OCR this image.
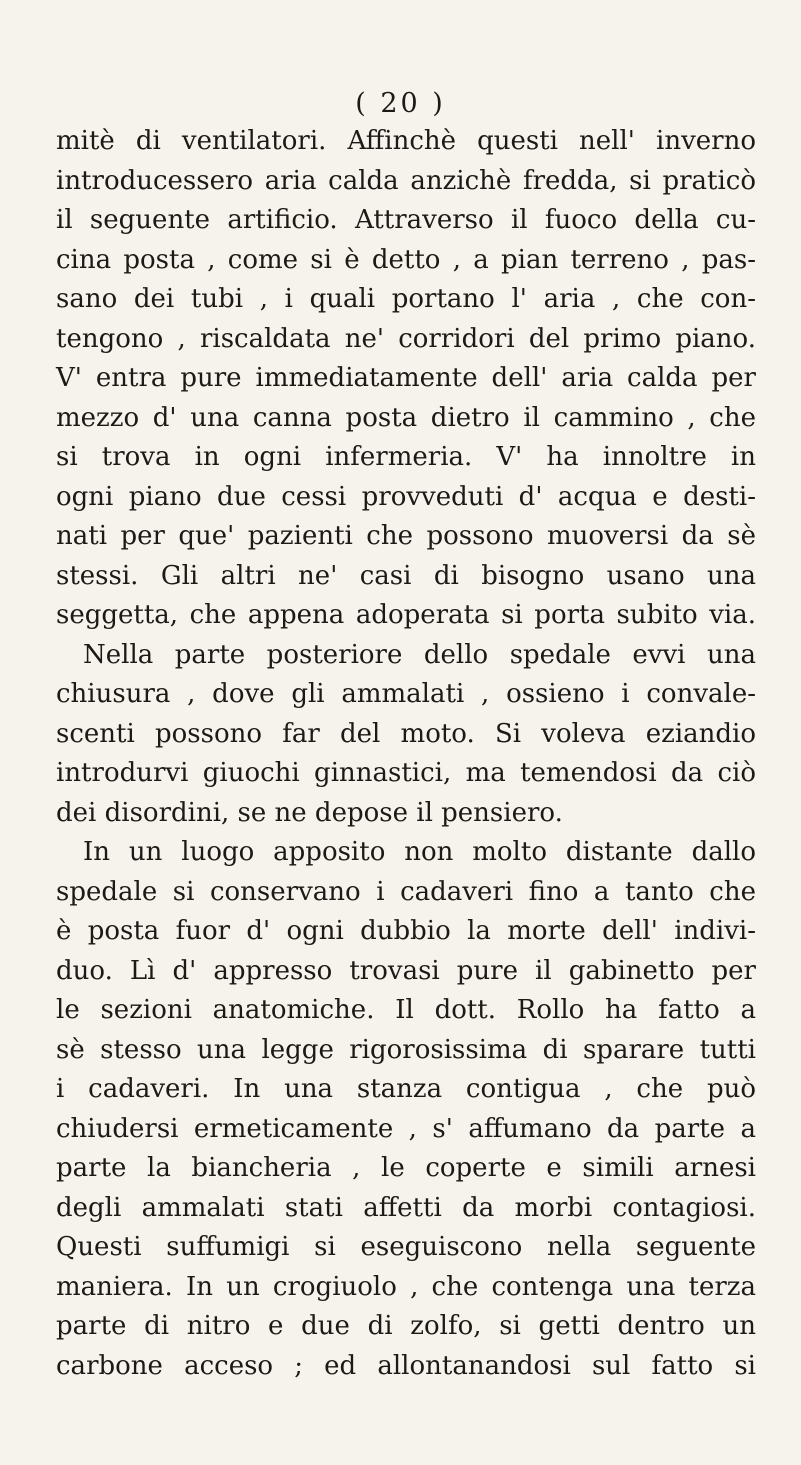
( 20 )
mitè di ventilatori. Affinchè questi nell' inverno
introducessero aria calda anzichè fredda, si praticò
il seguente artificio. Attraverso il fuoco della cu-
cina posta , come si è detto , a pian terreno , pas-
sano dei tubi , i quali portano l' aria , che con-
tengono , riscaldata ne' corridori del primo piano.
V' entra pure immediatamente dell' aria calda per
mezzo d' una canna posta dietro il cammino , che
si trova in ogni infermeria. V' ha innoltre in
ogni piano due cessi provveduti d' acqua e desti-
nati per que' pazienti che possono muoversi da sè
stessi. Gli altri ne' casi di bisogno usano una
seggetta, che appena adoperata si porta subito via.
Nella parte posteriore dello spedale evvi una
chiusura , dove gli ammalati , ossieno i convale-
scenti possono far del moto. Si voleva eziandio
introdurvi giuochi ginnastici, ma temendosi da ciò
dei disordini, se ne depose il pensiero.
In un luogo apposito non molto distante dallo
spedale si conservano i cadaveri fino a tanto che
è posta fuor d' ogni dubbio la morte dell' indivi-
duo. Lì d' appresso trovasi pure il gabinetto per
le sezioni anatomiche. Il dott. Rollo ha fatto a
sè stesso una legge rigorosissima di sparare tutti
i cadaveri. In una stanza contigua , che può
chiudersi ermeticamente , s' affumano da parte a
parte la biancheria , le coperte e simili arnesi
degli ammalati stati affetti da morbi contagiosi.
Questi suffumigi si eseguiscono nella seguente
maniera. In un crogiuolo , che contenga una terza
parte di nitro e due di zolfo, si getti dentro un
carbone acceso ; ed allontanandosi sul fatto si
